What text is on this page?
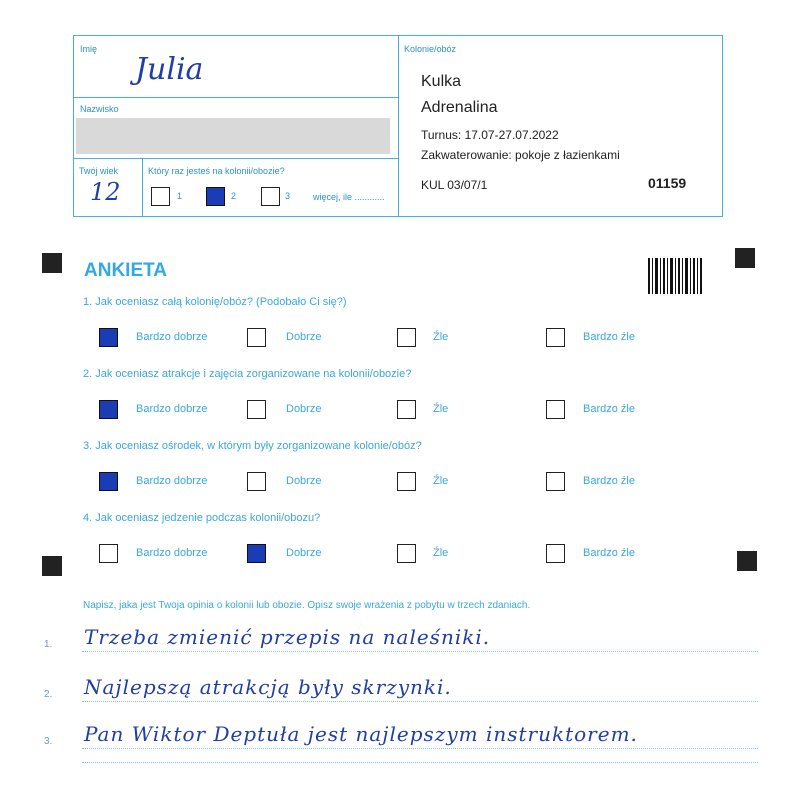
Imię
Julia
Nazwisko
Twój wiek
12
Który raz jesteś na kolonii/obozie?
1	2	3	więcej, ile ............
Kolonie/obóz
Kulka
Adrenalina
Turnus: 17.07-27.07.2022
Zakwaterowanie: pokoje z łazienkami
KUL 03/07/1	01159
ANKIETA
1. Jak oceniasz całą kolonię/obóz? (Podobało Ci się?)
Bardzo dobrze	Dobrze	Źle	Bardzo źle
2. Jak oceniasz atrakcje i zajęcia zorganizowane na kolonii/obozie?
Bardzo dobrze	Dobrze	Źle	Bardzo źle
3. Jak oceniasz ośrodek, w którym były zorganizowane kolonie/obóz?
Bardzo dobrze	Dobrze	Źle	Bardzo źle
4. Jak oceniasz jedzenie podczas kolonii/obozu?
Bardzo dobrze	Dobrze	Źle	Bardzo źle
Napisz, jaka jest Twoja opinia o kolonii lub obozie. Opisz swoje wrażenia z pobytu w trzech zdaniach.
1. Trzeba zmienić przepis na naleśniki.
2. Najlepszą atrakcją były skrzynki.
3. Pan Wiktor Deptuła jest najlepszym instruktorem.
